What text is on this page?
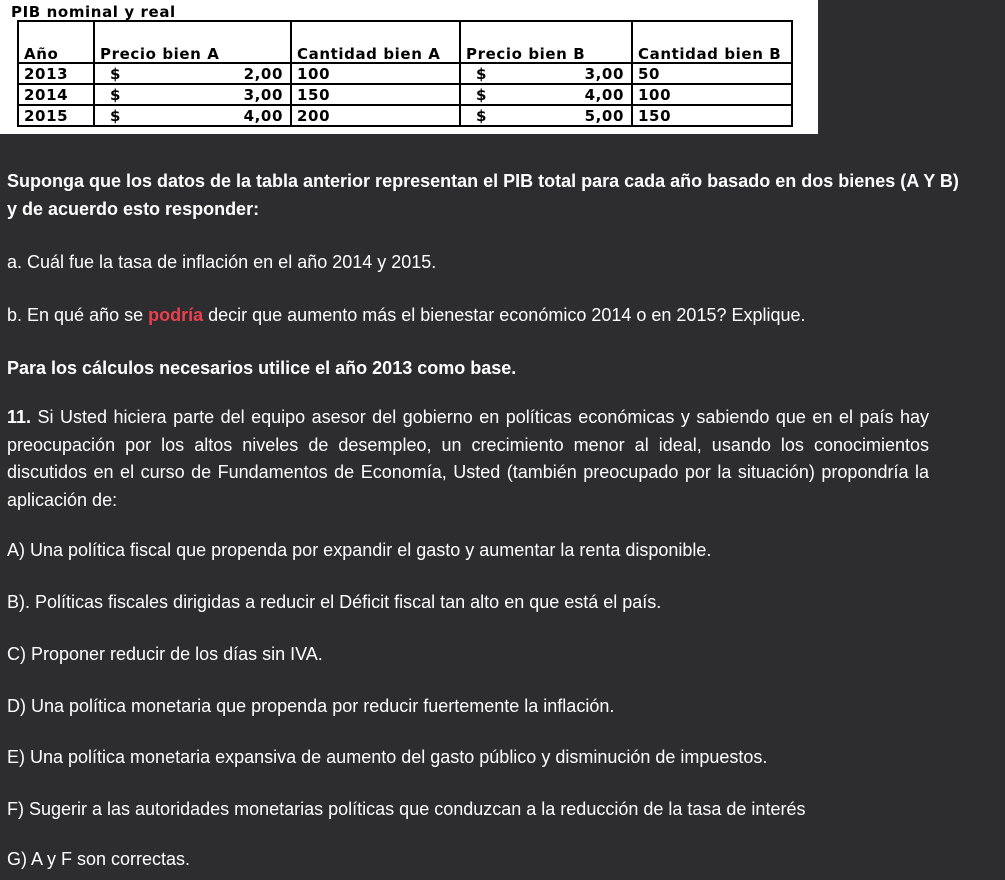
PIB nominal y real
Año	Precio bien A	Cantidad bien A	Precio bien B	Cantidad bien B
2013	$ 2,00	100	$ 3,00	50
2014	$ 3,00	150	$ 4,00	100
2015	$ 4,00	200	$ 5,00	150

Suponga que los datos de la tabla anterior representan el PIB total para cada año basado en dos bienes (A Y B) y de acuerdo esto responder:

a. Cuál fue la tasa de inflación en el año 2014 y 2015.

b. En qué año se podría decir que aumento más el bienestar económico 2014 o en 2015? Explique.

Para los cálculos necesarios utilice el año 2013 como base.

11. Si Usted hiciera parte del equipo asesor del gobierno en políticas económicas y sabiendo que en el país hay preocupación por los altos niveles de desempleo, un crecimiento menor al ideal, usando los conocimientos discutidos en el curso de Fundamentos de Economía, Usted (también preocupado por la situación) propondría la aplicación de:

A) Una política fiscal que propenda por expandir el gasto y aumentar la renta disponible.

B). Políticas fiscales dirigidas a reducir el Déficit fiscal tan alto en que está el país.

C) Proponer reducir de los días sin IVA.

D) Una política monetaria que propenda por reducir fuertemente la inflación.

E) Una política monetaria expansiva de aumento del gasto público y disminución de impuestos.

F) Sugerir a las autoridades monetarias políticas que conduzcan a la reducción de la tasa de interés

G) A y F son correctas.
